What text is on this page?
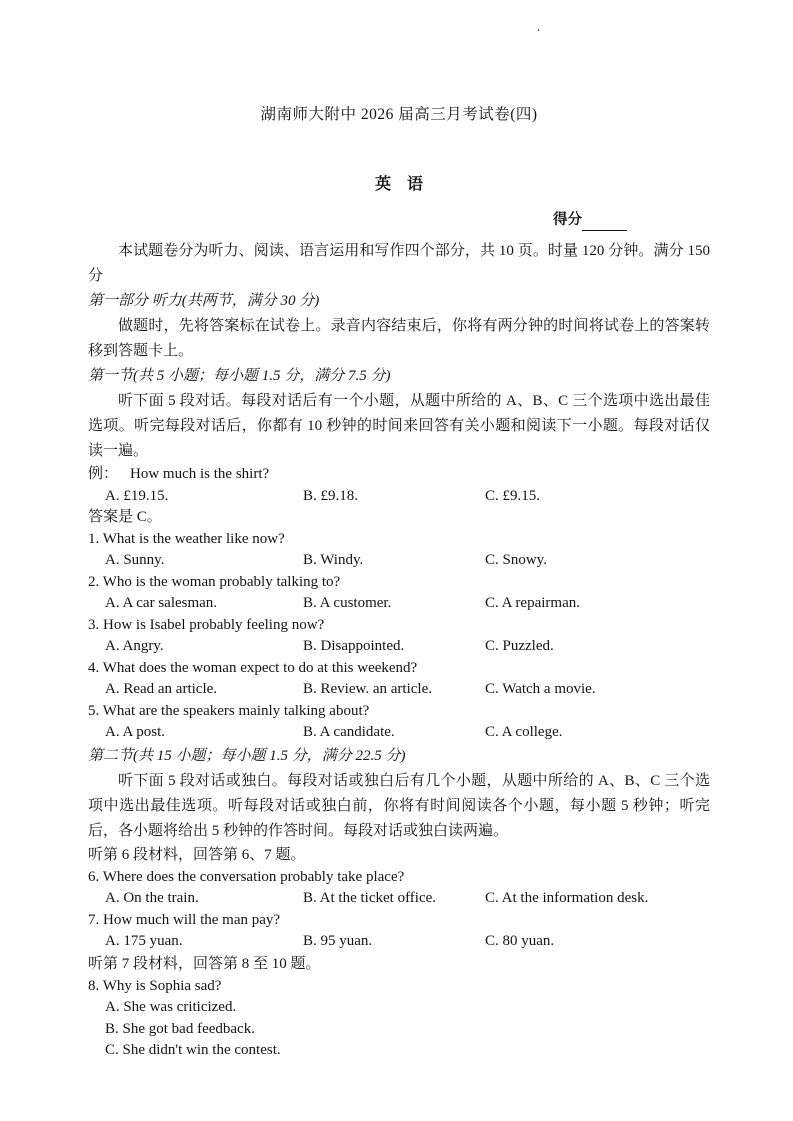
.
湖南师大附中 2026 届高三月考试卷(四)
英　语
得分

本试题卷分为听力、阅读、语言运用和写作四个部分，共 10 页。时量 120 分钟。满分 150 分

第一部分 听力(共两节，满分 30 分)

做题时，先将答案标在试卷上。录音内容结束后，你将有两分钟的时间将试卷上的答案转移到答题卡上。

第一节(共 5 小题；每小题 1.5 分，满分 7.5 分)

听下面 5 段对话。每段对话后有一个小题，从题中所给的 A、B、C 三个选项中选出最佳选项。听完每段对话后，你都有 10 秒钟的时间来回答有关小题和阅读下一小题。每段对话仅读一遍。

例： How much is the shirt?
A. £19.15.	B. £9.18.	C. £9.15.

答案是 C。

1. What is the weather like now?

A. Sunny.	B. Windy.	C. Snowy.

2. Who is the woman probably talking to?

A. A car salesman.	B. A customer.	C. A repairman.

3. How is Isabel probably feeling now?

A. Angry.	B. Disappointed.	C. Puzzled.

4. What does the woman expect to do at this weekend?

A. Read an article.	B. Review. an article.	C. Watch a movie.

5. What are the speakers mainly talking about?

A. A post.	B. A candidate.	C. A college.

第二节(共 15 小题；每小题 1.5 分，满分 22.5 分)

听下面 5 段对话或独白。每段对话或独白后有几个小题，从题中所给的 A、B、C 三个选项中选出最佳选项。听每段对话或独白前，你将有时间阅读各个小题，每小题 5 秒钟；听完后，各小题将给出 5 秒钟的作答时间。每段对话或独白读两遍。

听第 6 段材料，回答第 6、7 题。

6. Where does the conversation probably take place?

A. On the train.	B. At the ticket office.	C. At the information desk.

7. How much will the man pay?

A. 175 yuan.	B. 95 yuan.	C. 80 yuan.

听第 7 段材料，回答第 8 至 10 题。

8. Why is Sophia sad?

A. She was criticized.

B. She got bad feedback.

C. She didn't win the contest.
